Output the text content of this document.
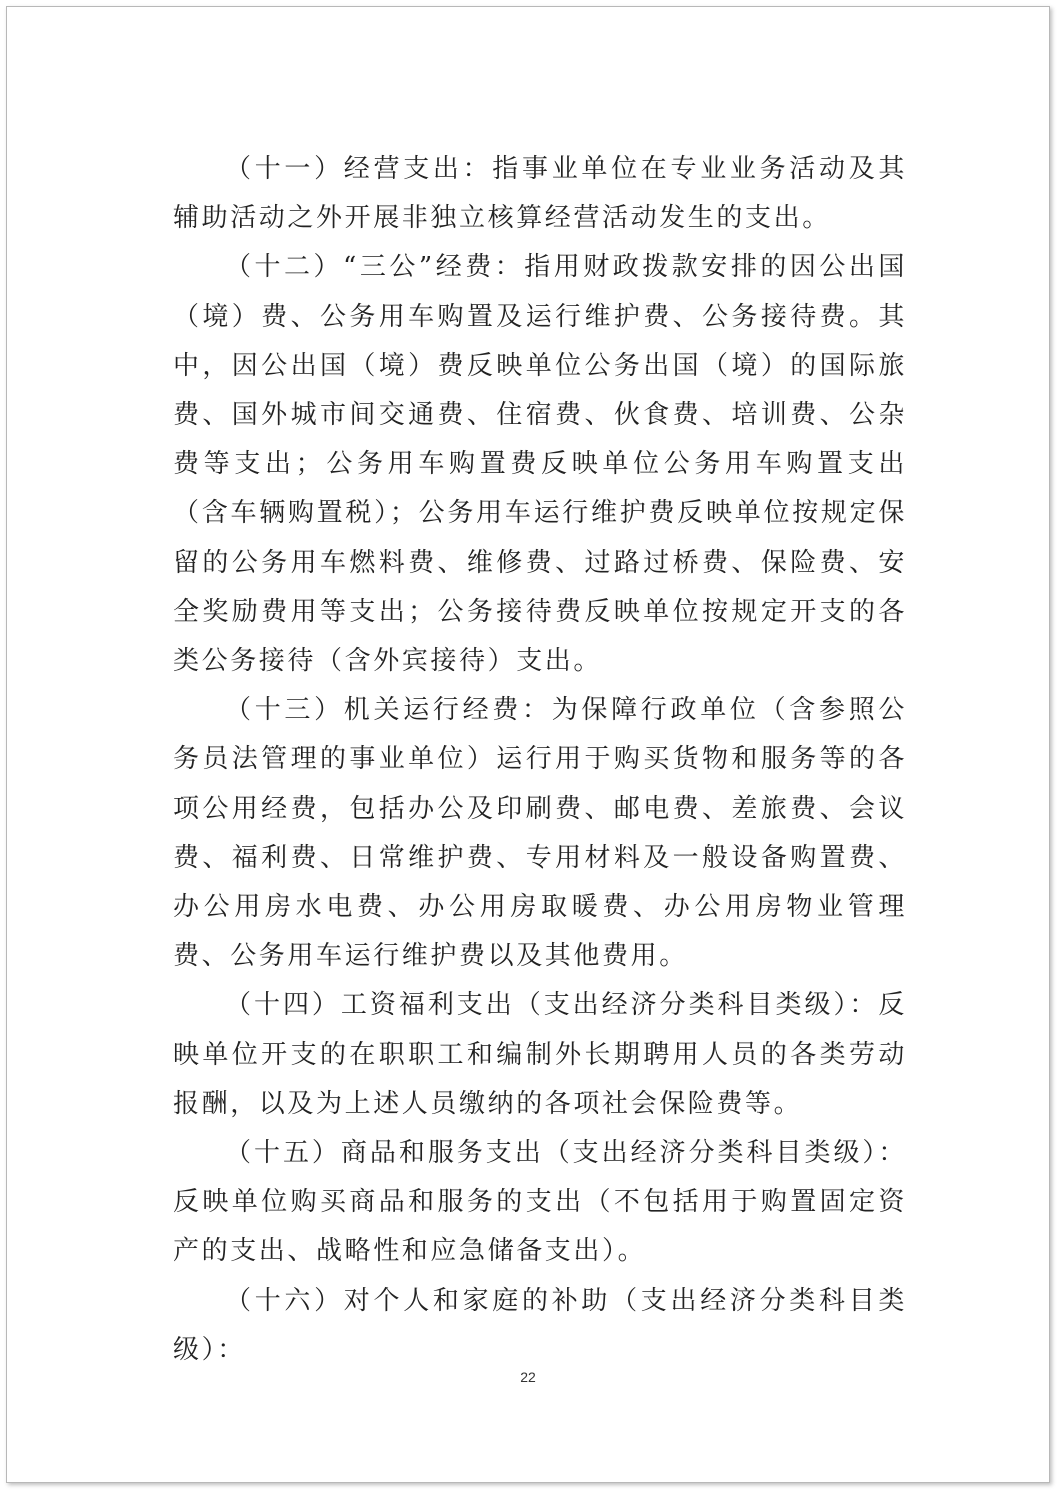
（十一）经营支出：指事业单位在专业业务活动及其辅助活动之外开展非独立核算经营活动发生的支出。

（十二）“三公”经费：指用财政拨款安排的因公出国（境）费、公务用车购置及运行维护费、公务接待费。其中，因公出国（境）费反映单位公务出国（境）的国际旅费、国外城市间交通费、住宿费、伙食费、培训费、公杂费等支出；公务用车购置费反映单位公务用车购置支出（含车辆购置税）；公务用车运行维护费反映单位按规定保留的公务用车燃料费、维修费、过路过桥费、保险费、安全奖励费用等支出；公务接待费反映单位按规定开支的各类公务接待（含外宾接待）支出。

（十三）机关运行经费：为保障行政单位（含参照公务员法管理的事业单位）运行用于购买货物和服务等的各项公用经费，包括办公及印刷费、邮电费、差旅费、会议费、福利费、日常维护费、专用材料及一般设备购置费、办公用房水电费、办公用房取暖费、办公用房物业管理费、公务用车运行维护费以及其他费用。

（十四）工资福利支出（支出经济分类科目类级）：反映单位开支的在职职工和编制外长期聘用人员的各类劳动报酬，以及为上述人员缴纳的各项社会保险费等。

（十五）商品和服务支出（支出经济分类科目类级）：反映单位购买商品和服务的支出（不包括用于购置固定资产的支出、战略性和应急储备支出）。

（十六）对个人和家庭的补助（支出经济分类科目类级）：

22
